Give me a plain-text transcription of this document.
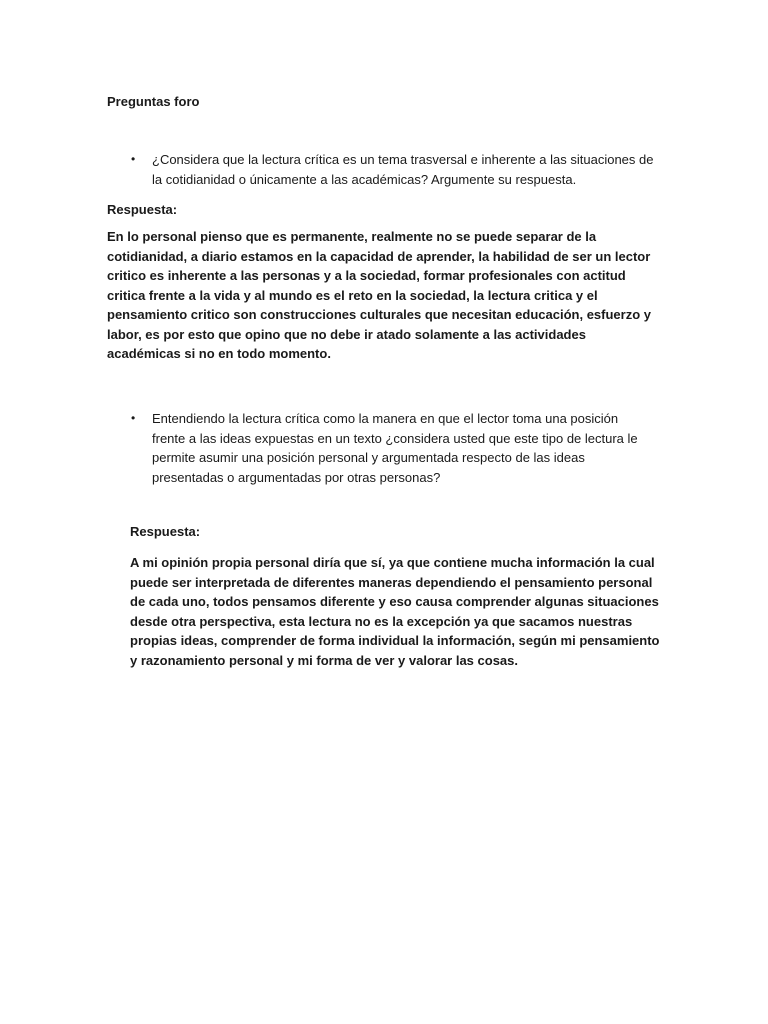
Preguntas foro

• ¿Considera que la lectura crítica es un tema trasversal e inherente a las situaciones de la cotidianidad o únicamente a las académicas? Argumente su respuesta.

Respuesta:

En lo personal pienso que es permanente, realmente no se puede separar de la cotidianidad, a diario estamos en la capacidad de aprender, la habilidad de ser un lector critico es inherente a las personas y a la sociedad, formar profesionales con actitud critica frente a la vida y al mundo es el reto en la sociedad, la lectura critica y el pensamiento critico son construcciones culturales que necesitan educación, esfuerzo y labor, es por esto que opino que no debe ir atado solamente a las actividades académicas si no en todo momento.

• Entendiendo la lectura crítica como la manera en que el lector toma una posición frente a las ideas expuestas en un texto ¿considera usted que este tipo de lectura le permite asumir una posición personal y argumentada respecto de las ideas presentadas o argumentadas por otras personas?

Respuesta:

A mi opinión propia personal diría que sí, ya que contiene mucha información la cual puede ser interpretada de diferentes maneras dependiendo el pensamiento personal de cada uno, todos pensamos diferente y eso causa comprender algunas situaciones desde otra perspectiva, esta lectura no es la excepción ya que sacamos nuestras propias ideas, comprender de forma individual la información, según mi pensamiento y razonamiento personal y mi forma de ver y valorar las cosas.
